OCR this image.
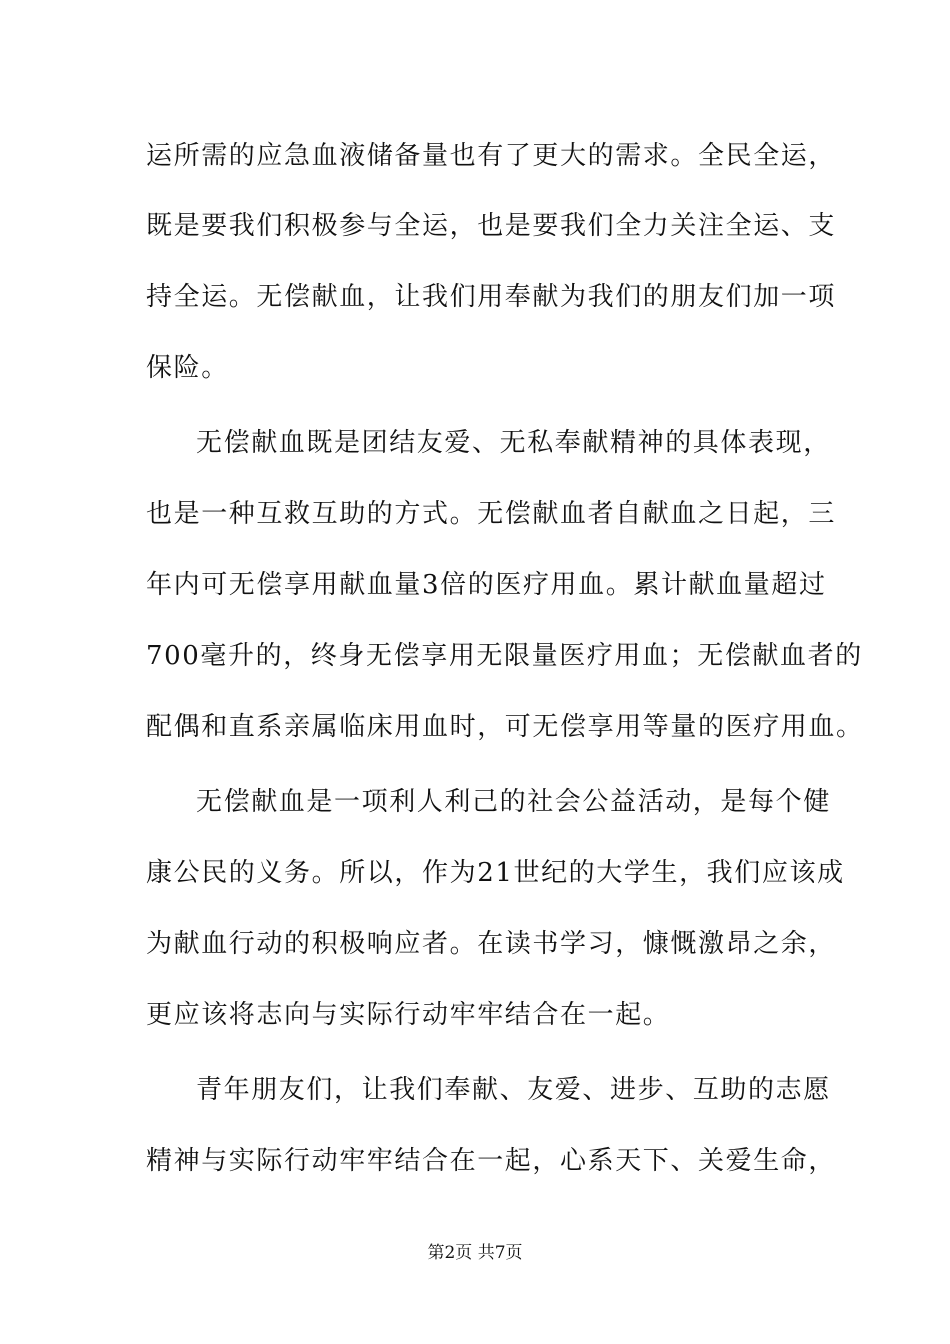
运所需的应急血液储备量也有了更大的需求。全民全运，
既是要我们积极参与全运，也是要我们全力关注全运、支
持全运。无偿献血，让我们用奉献为我们的朋友们加一项
保险。
无偿献血既是团结友爱、无私奉献精神的具体表现，
也是一种互救互助的方式。无偿献血者自献血之日起，三
年内可无偿享用献血量3倍的医疗用血。累计献血量超过
700毫升的，终身无偿享用无限量医疗用血；无偿献血者的
配偶和直系亲属临床用血时，可无偿享用等量的医疗用血。
无偿献血是一项利人利己的社会公益活动，是每个健
康公民的义务。所以，作为21世纪的大学生，我们应该成
为献血行动的积极响应者。在读书学习，慷慨激昂之余，
更应该将志向与实际行动牢牢结合在一起。
青年朋友们，让我们奉献、友爱、进步、互助的志愿
精神与实际行动牢牢结合在一起，心系天下、关爱生命，
第2页 共7页
